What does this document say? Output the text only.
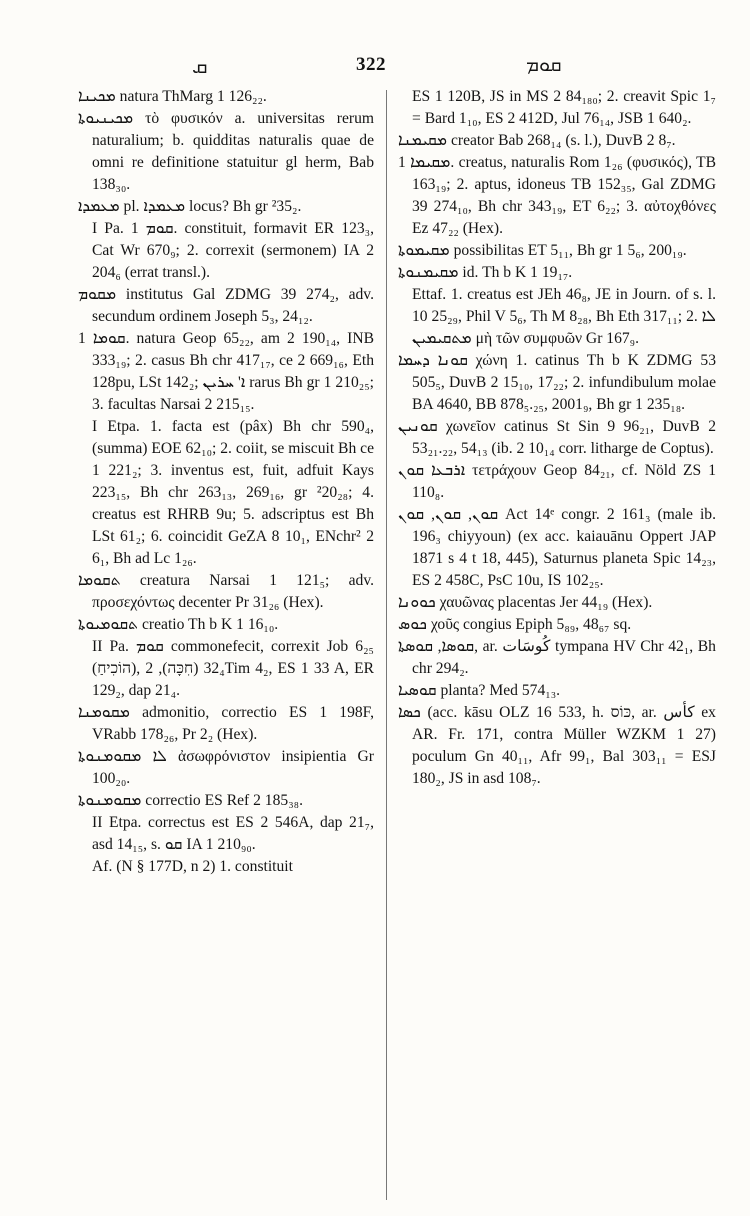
ܩ	322	ܩܘܡ

ܡܟܝܢܐ natura ThMarg 1 126₂₂.

ܡܟܝܢܝܘܬܐ τὸ φυσικόν a. universitas rerum naturalium; b. quidditas naturalis quae de omni re definitione statuitur gl herm, Bab 138₃₀.

ܡܥܡܕܐ pl. ܡܥܡܕܐ locus? Bh gr ²35₂.

I Pa. ܩܘܡ 1. constituit, formavit ER 123₃, Cat Wr 670₉; 2. correxit (sermonem) IA 2 204₆ (errat transl.).

ܡܩܘܡ institutus Gal ZDMG 39 274₂, adv. secundum ordinem Joseph 5₃, 24₁₂.

ܩܘܡܐ 1. natura Geop 65₂₂, am 2 190₁₄, INB 333₁₉; 2. casus Bh chr 417₁₇, ce 2 669₁₆, Eth 128pu, LSt 142₂; ܐ' ܚܪܝܢ rarus Bh gr 1 210₂₅; 3. facultas Narsai 2 215₁₅.

I Etpa. 1. facta est (pâx) Bh chr 590₄, (summa) EOE 62₁₀; 2. coiit, se miscuit Bh ce 1 221₂; 3. inventus est, fuit, adfuit Kays 223₁₅, Bh chr 263₁₃, 269₁₆, gr ²20₂₈; 4. creatus est RHRB 9u; 5. adscriptus est Bh LSt 61₂; 6. coincidit GeZA 8 10₁, ENchr² 2 6₁, Bh ad Lc 1₂₆.

ܬܩܘܡܐ creatura Narsai 1 121₅; adv. προσεχόντως decenter Pr 31₂₆ (Hex).

ܬܩܘܡܝܘܬܐ creatio Th b K 1 16₁₀.

II Pa. ܩܘܡ commonefecit, correxit Job 6₂₅ (הוֹכִיחַ), 32₄ (חִכָּה), 2Tim 4₂, ES 1 33 A, ER 129₂, dap 21₄.

ܡܩܘܡܢܐ admonitio, correctio ES 1 198F, VRabb 178₂₆, Pr 2₂ (Hex).

ܠܐ ܡܩܘܡܢܘܬܐ ἀσωφρόνιστον insipientia Gr 100₂₀.

ܡܩܘܡܢܘܬܐ correctio ES Ref 2 185₃₈.

II Etpa. correctus est ES 2 546A, dap 21₇, asd 14₁₅, s. ܩܘ IA 1 210₉₀.

Af. (N § 177D, n 2) 1. constituit

ES 1 120B, JS in MS 2 84₁₈₀; 2. creavit Spic 1₇ = Bard 1₁₀, ES 2 412D, Jul 76₁₄, JSB 1 640₂.

ܡܩܝܡܢܐ creator Bab 268₁₄ (s. l.), DuvB 2 8₇.

ܡܩܝܡܐ 1. creatus, naturalis Rom 1₂₆ (φυσικός), TB 163₁₉; 2. aptus, idoneus TB 152₃₅, Gal ZDMG 39 274₁₀, Bh chr 343₁₉, ET 6₂₂; 3. αὐτοχθόνες Ez 47₂₂ (Hex).

ܡܩܝܡܘܬܐ possibilitas ET 5₁₁, Bh gr 1 5₆, 200₁₉.

ܡܩܝܡܢܘܬܐ id. Th b K 1 19₁₇.

Ettaf. 1. creatus est JEh 46₈, JE in Journ. of s. l. 10 25₂₉, Phil V 5₆, Th M 8₂₈, Bh Eth 317₁₁; 2. ܠܐ ܡܬܩܝܡܝܢ μὴ τῶν συμφυῶν Gr 167₉.

ܩܘܢܐ ܕܚܡܐ χώνη 1. catinus Th b K ZDMG 53 505₅, DuvB 2 15₁₀, 17₂₂; 2. infundibulum molae BA 4640, BB 878₅.₂₅, 2001₉, Bh gr 1 235₁₈.

ܩܘܢܝܢ χωνεῖον catinus St Sin 9 96₂₁, DuvB 2 53₂₁.₂₂, 54₁₃ (ib. 2 10₁₄ corr. litharge de Coptus).

ܐܪܒܥܐ ܩܘܢ τετράχουν Geop 84₂₁, cf. Nöld ZS 1 110₈.

ܩܘܢ, ܩܘܢ, ܩܘܢ Act 14ᵉ congr. 2 161₃ (male ib. 196₃ chiyyoun) (ex acc. kaiauānu Oppert JAP 1871 s 4 t 18, 445), Saturnus planeta Spic 14₂₃, ES 2 458C, PsC 10u, IS 102₂₅.

ܟܘܘܢܐ χαυῶνας placentas Jer 44₁₉ (Hex).

ܟܘܣ χοῦς congius Epiph 5₈₉, 48₆₇ sq.

ܩܘܣܐ, ܩܘܣܬܐ, ar. كُوسَات tympana HV Chr 42₁, Bh chr 294₂.

ܩܘܣܝܐ planta? Med 574₁₃.

ܟܣܐ (acc. kāsu OLZ 16 533, h. כּוֹס, ar. كأس ex AR. Fr. 171, contra Müller WZKM 1 27) poculum Gn 40₁₁, Afr 99₁, Bal 303₁₁ = ESJ 180₂, JS in asd 108₇.
